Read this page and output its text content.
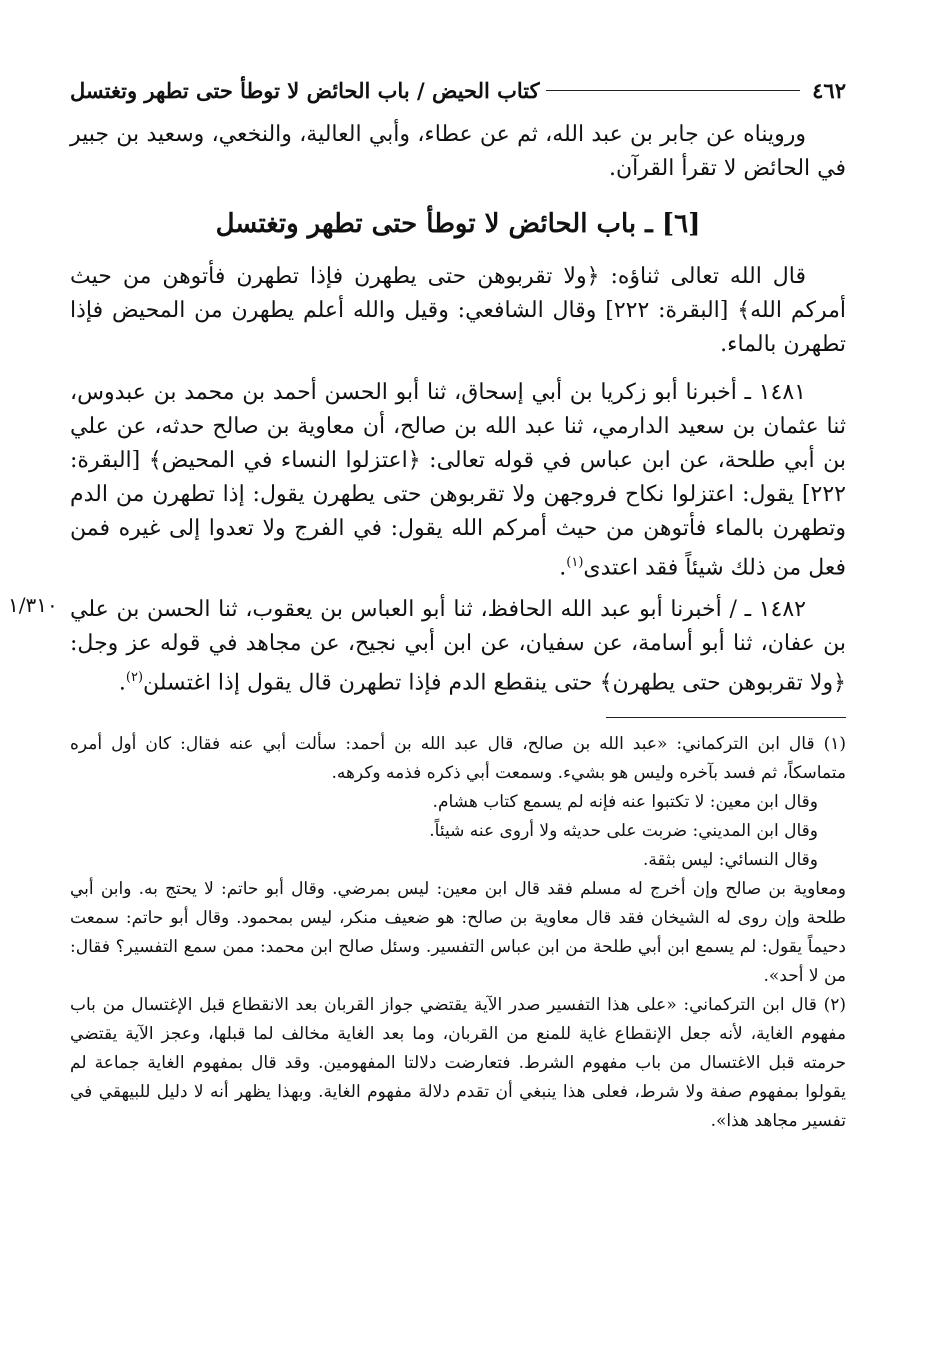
٤٦٢
كتاب الحيض / باب الحائض لا توطأ حتى تطهر وتغتسل

ورويناه عن جابر بن عبد الله، ثم عن عطاء، وأبي العالية، والنخعي، وسعيد بن جبير في الحائض لا تقرأ القرآن.

[٦] ـ باب الحائض لا توطأ حتى تطهر وتغتسل

قال الله تعالى ثناؤه: ﴿ولا تقربوهن حتى يطهرن فإذا تطهرن فأتوهن من حيث أمركم الله﴾ [البقرة: ٢٢٢] وقال الشافعي: وقيل والله أعلم يطهرن من المحيض فإذا تطهرن بالماء.

١٤٨١ ـ أخبرنا أبو زكريا بن أبي إسحاق، ثنا أبو الحسن أحمد بن محمد بن عبدوس، ثنا عثمان بن سعيد الدارمي، ثنا عبد الله بن صالح، أن معاوية بن صالح حدثه، عن علي بن أبي طلحة، عن ابن عباس في قوله تعالى: ﴿اعتزلوا النساء في المحيض﴾ [البقرة: ٢٢٢] يقول: اعتزلوا نكاح فروجهن ولا تقربوهن حتى يطهرن يقول: إذا تطهرن من الدم وتطهرن بالماء فأتوهن من حيث أمركم الله يقول: في الفرج ولا تعدوا إلى غيره فمن فعل من ذلك شيئاً فقد اعتدى$^{(١)}$.

١/٣١٠ ١٤٨٢ ـ / أخبرنا أبو عبد الله الحافظ، ثنا أبو العباس بن يعقوب، ثنا الحسن بن علي بن عفان، ثنا أبو أسامة، عن سفيان، عن ابن أبي نجيح، عن مجاهد في قوله عز وجل: ﴿ولا تقربوهن حتى يطهرن﴾ حتى ينقطع الدم فإذا تطهرن قال يقول إذا اغتسلن$^{(٢)}$.

(١) قال ابن التركماني: «عبد الله بن صالح، قال عبد الله بن أحمد: سألت أبي عنه فقال: كان أول أمره متماسكاً، ثم فسد بآخره وليس هو بشيء. وسمعت أبي ذكره فذمه وكرهه.

وقال ابن معين: لا تكتبوا عنه فإنه لم يسمع كتاب هشام.

وقال ابن المديني: ضربت على حديثه ولا أروى عنه شيئاً.

وقال النسائي: ليس بثقة.

ومعاوية بن صالح وإن أخرج له مسلم فقد قال ابن معين: ليس بمرضي. وقال أبو حاتم: لا يحتج به. وابن أبي طلحة وإن روى له الشيخان فقد قال معاوية بن صالح: هو ضعيف منكر، ليس بمحمود. وقال أبو حاتم: سمعت دحيماً يقول: لم يسمع ابن أبي طلحة من ابن عباس التفسير. وسئل صالح ابن محمد: ممن سمع التفسير؟ فقال: من لا أحد».

(٢) قال ابن التركماني: «على هذا التفسير صدر الآية يقتضي جواز القربان بعد الانقطاع قبل الإغتسال من باب مفهوم الغاية، لأنه جعل الإنقطاع غاية للمنع من القربان، وما بعد الغاية مخالف لما قبلها، وعجز الآية يقتضي حرمته قبل الاغتسال من باب مفهوم الشرط. فتعارضت دلالتا المفهومين. وقد قال بمفهوم الغاية جماعة لم يقولوا بمفهوم صفة ولا شرط، فعلى هذا ينبغي أن تقدم دلالة مفهوم الغاية. وبهذا يظهر أنه لا دليل للبيهقي في تفسير مجاهد هذا».
